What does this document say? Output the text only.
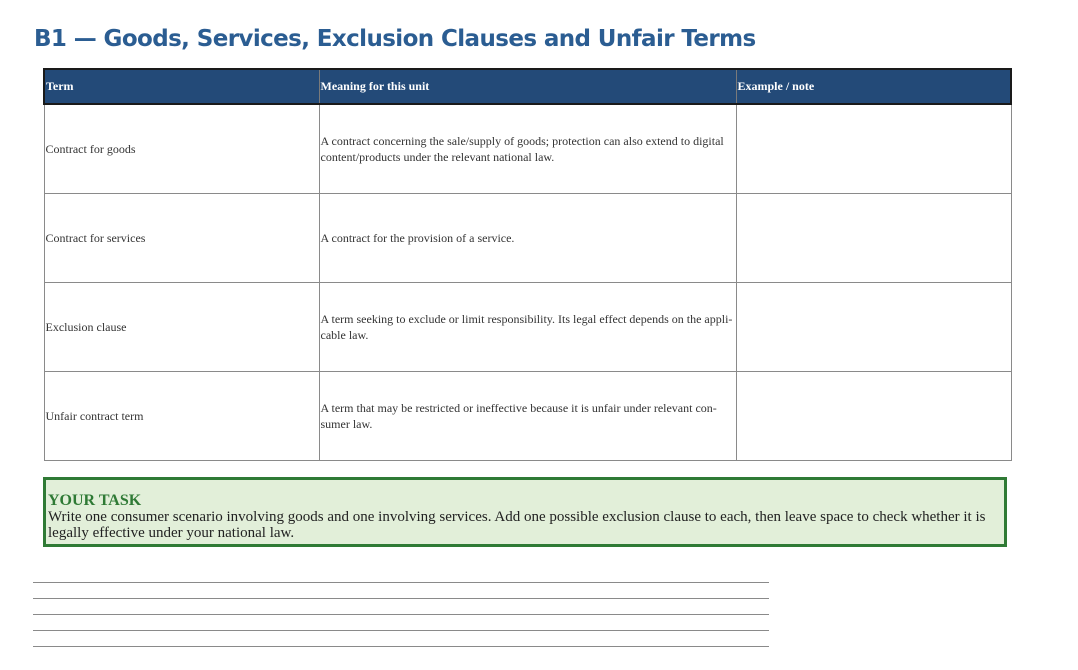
B1 — Goods, Services, Exclusion Clauses and Unfair Terms
Term	Meaning for this unit	Example / note
Contract for goods	A contract concerning the sale/supply of goods; protection can also extend to digital content/products under the relevant national law.	
Contract for services	A contract for the provision of a service.	
Exclusion clause	A term seeking to exclude or limit responsibility. Its legal effect depends on the appli-cable law.	
Unfair contract term	A term that may be restricted or ineffective because it is unfair under relevant con-sumer law.	
YOUR TASK
Write one consumer scenario involving goods and one involving services. Add one possible exclusion clause to each, then leave space to check whether it is legally effective under your national law.
